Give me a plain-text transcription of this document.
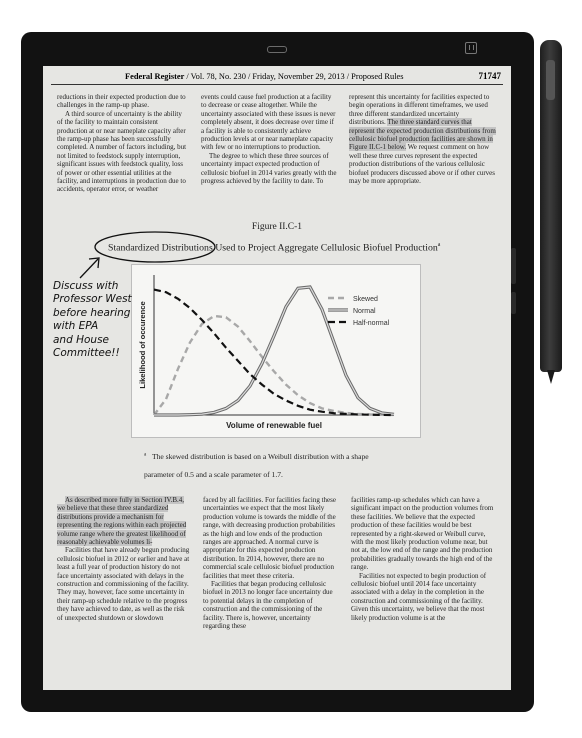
Federal Register / Vol. 78, No. 230 / Friday, November 29, 2013 / Proposed Rules	71747

reductions in their expected production due to challenges in the ramp-up phase.

A third source of uncertainty is the ability of the facility to maintain consistent production at or near nameplate capacity after the ramp-up phase has been successfully completed. A number of factors including, but not limited to feedstock supply interruption, significant issues with feedstock quality, loss of power or other essential utilities at the facility, and interruptions in production due to accidents, operator error, or weather

events could cause fuel production at a facility to decrease or cease altogether. While the uncertainty associated with these issues is never completely absent, it does decrease over time if a facility is able to consistently achieve production levels at or near nameplate capacity with few or no interruptions to production.

The degree to which these three sources of uncertainty impact expected production of cellulosic biofuel in 2014 varies greatly with the progress achieved by the facility to date. To

represent this uncertainty for facilities expected to begin operations in different timeframes, we used three different standardized uncertainty distributions. The three standard curves that represent the expected production distributions from cellulosic biofuel production facilities are shown in Figure II.C-1 below. We request comment on how well these three curves represent the expected production distributions of the various cellulosic biofuel producers discussed above or if other curves may be more appropriate.

Figure II.C-1
Standardized Distributions Used to Project Aggregate Cellulosic Biofuel Production$^a$
Skewed
Normal
Half-normal
Volume of renewable fuel
Likelihood of occurence
$^a$ The skewed distribution is based on a Weibull distribution with a shape
parameter of 0.5 and a scale parameter of 1.7.

As described more fully in Section IV.B.4, we believe that these three standardized distributions provide a mechanism for representing the regions within each projected volume range where the greatest likelihood of reasonably achievable volumes li-

Facilities that have already begun producing cellulosic biofuel in 2012 or earlier and have at least a full year of production history do not face uncertainty associated with delays in the construction and commissioning of the facility. They may, however, face some uncertainty in their ramp-up schedule relative to the progress they have achieved to date, as well as the risk of unexpected shutdown or slowdown

faced by all facilities. For facilities facing these uncertainties we expect that the most likely production volume is towards the middle of the range, with decreasing production probabilities as the high and low ends of the production ranges are approached. A normal curve is appropriate for this expected production distribution. In 2014, however, there are no commercial scale cellulosic biofuel production facilities that meet these criteria.

Facilities that began producing cellulosic biofuel in 2013 no longer face uncertainty due to potential delays in the completion of construction and the commissioning of the facility. There is, however, uncertainty regarding these

facilities ramp-up schedules which can have a significant impact on the production volumes from these facilities. We believe that the expected production of these facilities would be best represented by a right-skewed or Weibull curve, with the most likely production volume near, but not at, the low end of the range and the production probabilities gradually towards the high end of the range.

Facilities not expected to begin production of cellulosic biofuel until 2014 face uncertainty associated with a delay in the completion in the construction and commissioning of the facility. Given this uncertainty, we believe that the most likely production volume is at the

Discuss with
Professor West
before hearing
with EPA
and House
Committee!!
